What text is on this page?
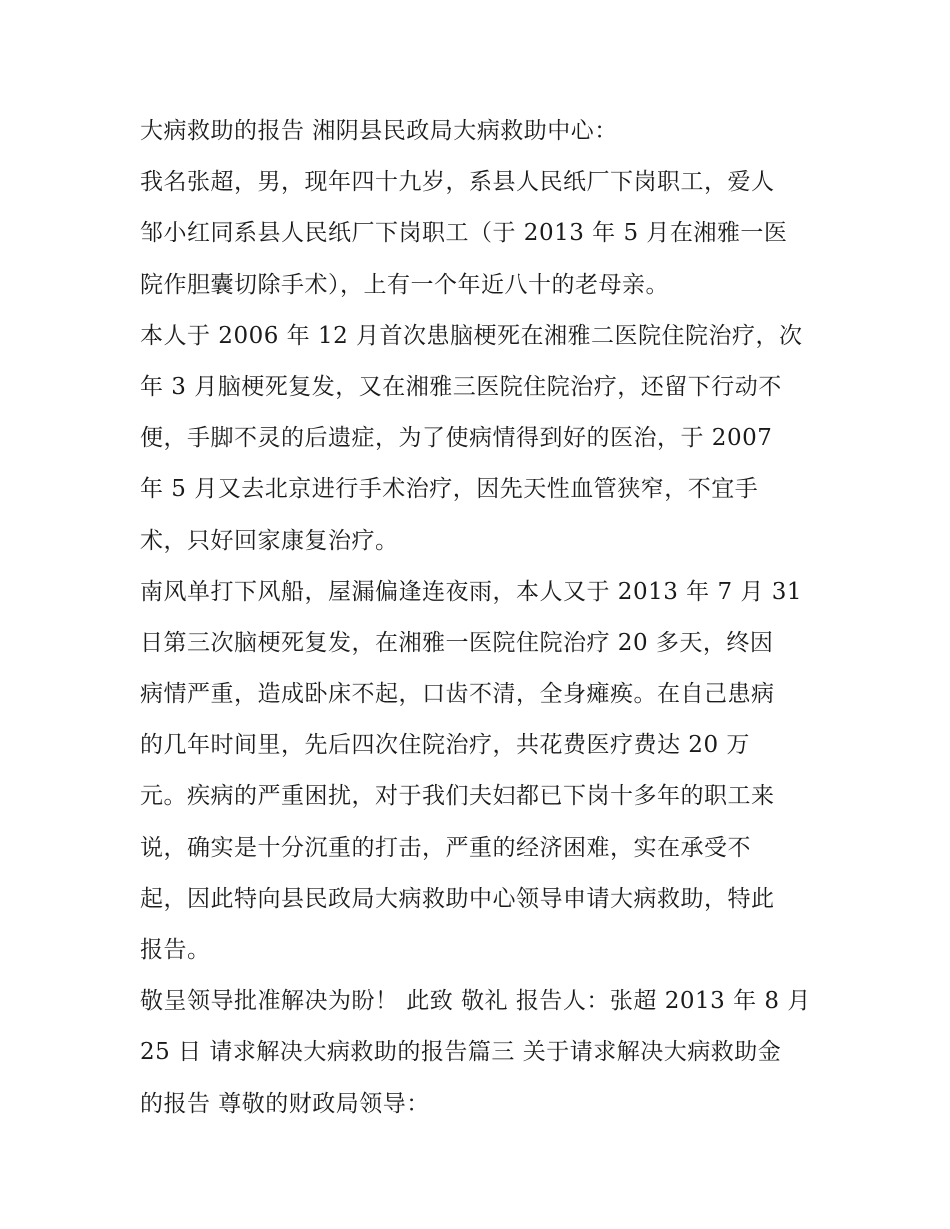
大病救助的报告 湘阴县民政局大病救助中心：
我名张超，男，现年四十九岁，系县人民纸厂下岗职工，爱人
邹小红同系县人民纸厂下岗职工（于 2013 年 5 月在湘雅一医
院作胆囊切除手术），上有一个年近八十的老母亲。
本人于 2006 年 12 月首次患脑梗死在湘雅二医院住院治疗，次
年 3 月脑梗死复发，又在湘雅三医院住院治疗，还留下行动不
便，手脚不灵的后遗症，为了使病情得到好的医治，于 2007
年 5 月又去北京进行手术治疗，因先天性血管狭窄，不宜手
术，只好回家康复治疗。
南风单打下风船，屋漏偏逢连夜雨，本人又于 2013 年 7 月 31
日第三次脑梗死复发，在湘雅一医院住院治疗 20 多天，终因
病情严重，造成卧床不起，口齿不清，全身瘫痪。在自己患病
的几年时间里，先后四次住院治疗，共花费医疗费达 20 万
元。疾病的严重困扰，对于我们夫妇都已下岗十多年的职工来
说，确实是十分沉重的打击，严重的经济困难，实在承受不
起，因此特向县民政局大病救助中心领导申请大病救助，特此
报告。
敬呈领导批准解决为盼！ 此致 敬礼 报告人：张超 2013 年 8 月
25 日 请求解决大病救助的报告篇三 关于请求解决大病救助金
的报告 尊敬的财政局领导：
